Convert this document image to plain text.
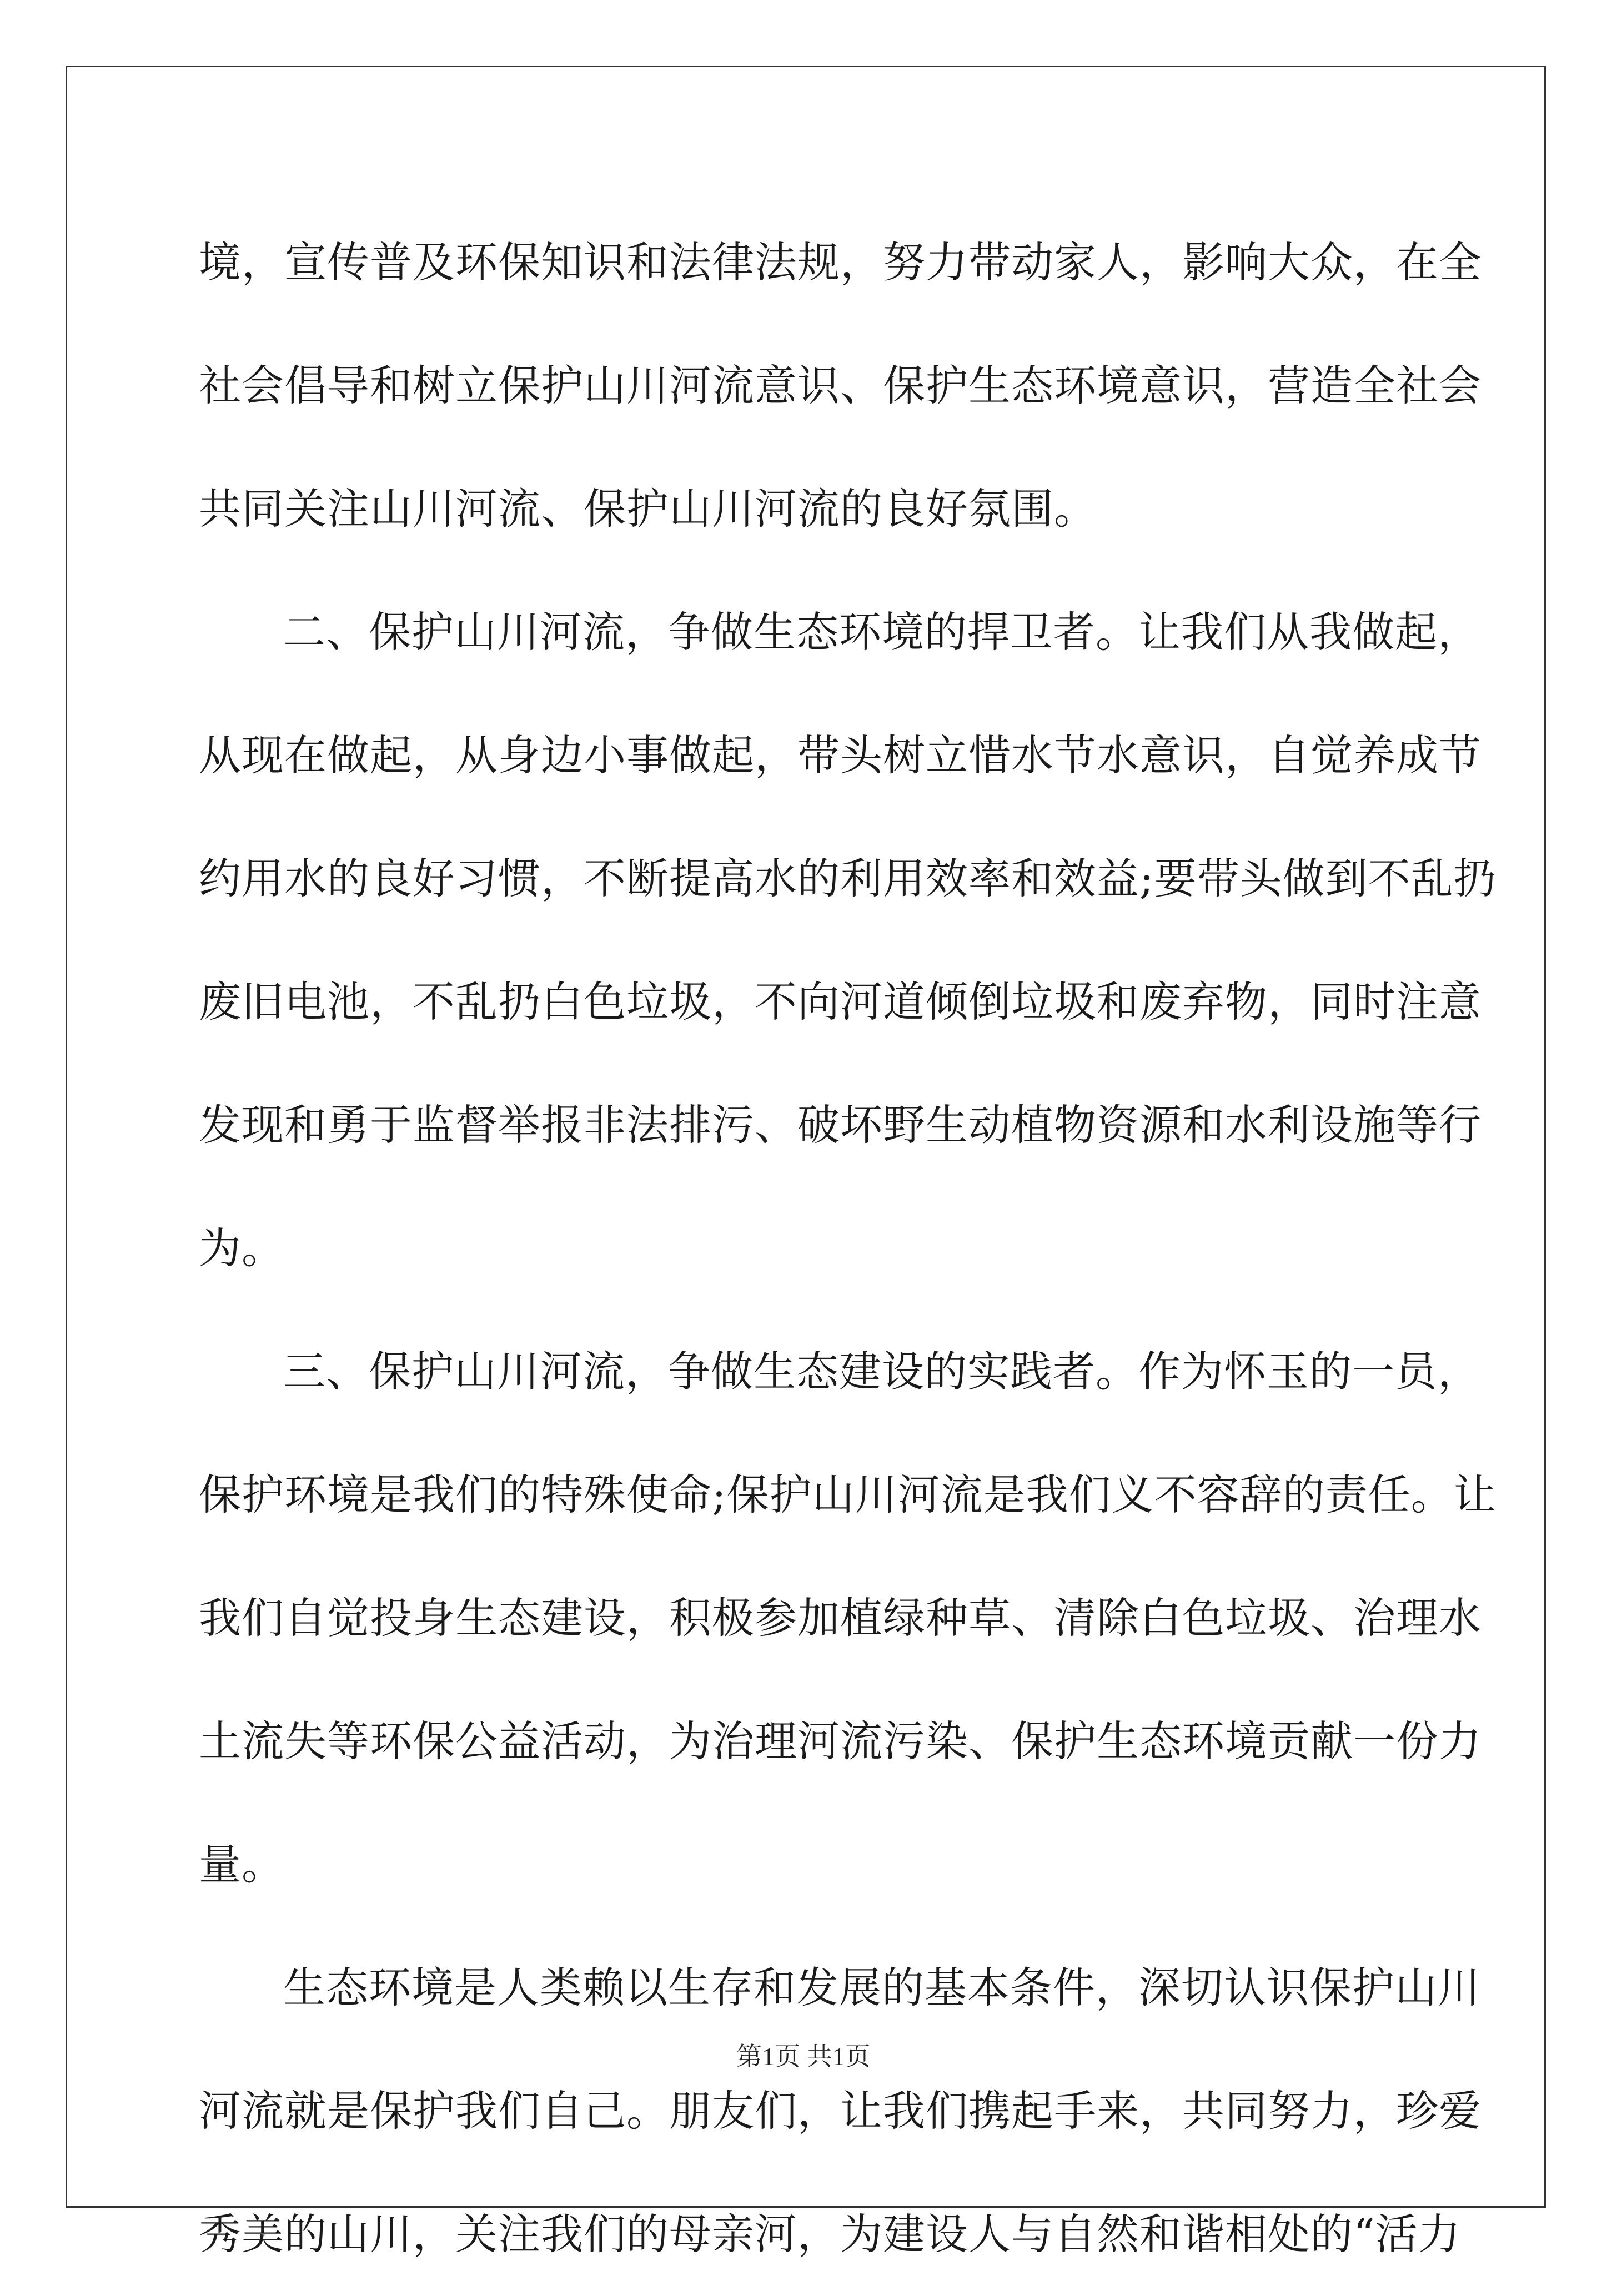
境，宣传普及环保知识和法律法规，努力带动家人，影响大众，在全
社会倡导和树立保护山川河流意识、保护生态环境意识，营造全社会
共同关注山川河流、保护山川河流的良好氛围。
二、保护山川河流，争做生态环境的捍卫者。让我们从我做起，
从现在做起，从身边小事做起，带头树立惜水节水意识，自觉养成节
约用水的良好习惯，不断提高水的利用效率和效益;要带头做到不乱扔
废旧电池，不乱扔白色垃圾，不向河道倾倒垃圾和废弃物，同时注意
发现和勇于监督举报非法排污、破坏野生动植物资源和水利设施等行
为。
三、保护山川河流，争做生态建设的实践者。作为怀玉的一员，
保护环境是我们的特殊使命;保护山川河流是我们义不容辞的责任。让
我们自觉投身生态建设，积极参加植绿种草、清除白色垃圾、治理水
土流失等环保公益活动，为治理河流污染、保护生态环境贡献一份力
量。
生态环境是人类赖以生存和发展的基本条件，深切认识保护山川
河流就是保护我们自己。朋友们，让我们携起手来，共同努力，珍爱
秀美的山川，关注我们的母亲河，为建设人与自然和谐相处的“活力
第1页 共1页
